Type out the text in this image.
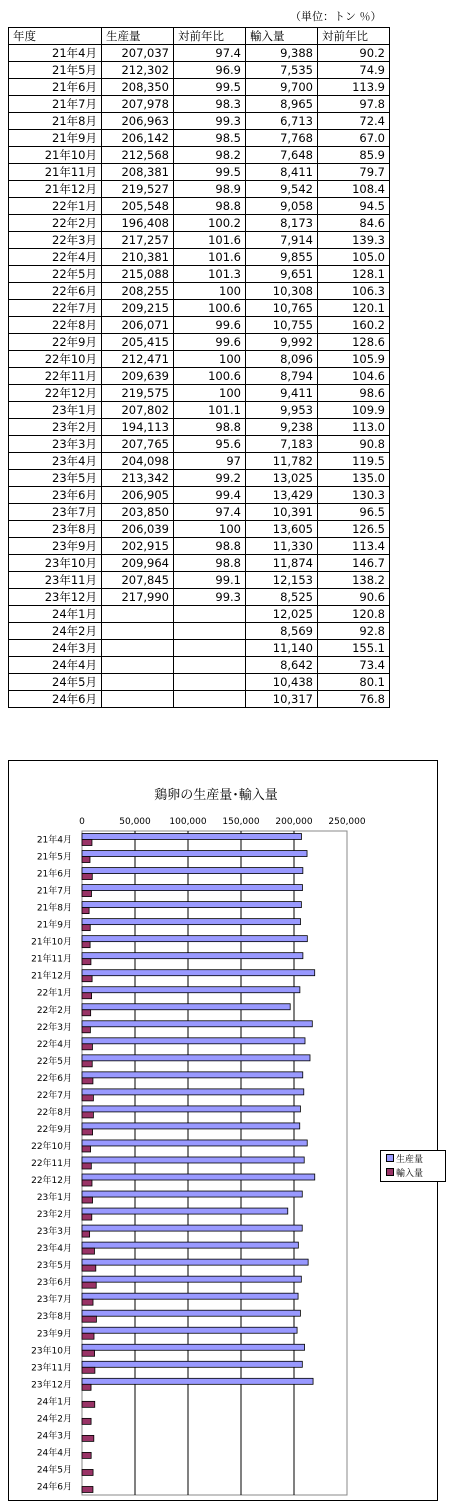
（単位：トン ％）
年度	生産量	対前年比	輸入量	対前年比
21年4月	207,037	97.4	9,388	90.2
21年5月	212,302	96.9	7,535	74.9
21年6月	208,350	99.5	9,700	113.9
21年7月	207,978	98.3	8,965	97.8
21年8月	206,963	99.3	6,713	72.4
21年9月	206,142	98.5	7,768	67.0
21年10月	212,568	98.2	7,648	85.9
21年11月	208,381	99.5	8,411	79.7
21年12月	219,527	98.9	9,542	108.4
22年1月	205,548	98.8	9,058	94.5
22年2月	196,408	100.2	8,173	84.6
22年3月	217,257	101.6	7,914	139.3
22年4月	210,381	101.6	9,855	105.0
22年5月	215,088	101.3	9,651	128.1
22年6月	208,255	100	10,308	106.3
22年7月	209,215	100.6	10,765	120.1
22年8月	206,071	99.6	10,755	160.2
22年9月	205,415	99.6	9,992	128.6
22年10月	212,471	100	8,096	105.9
22年11月	209,639	100.6	8,794	104.6
22年12月	219,575	100	9,411	98.6
23年1月	207,802	101.1	9,953	109.9
23年2月	194,113	98.8	9,238	113.0
23年3月	207,765	95.6	7,183	90.8
23年4月	204,098	97	11,782	119.5
23年5月	213,342	99.2	13,025	135.0
23年6月	206,905	99.4	13,429	130.3
23年7月	203,850	97.4	10,391	96.5
23年8月	206,039	100	13,605	126.5
23年9月	202,915	98.8	11,330	113.4
23年10月	209,964	98.8	11,874	146.7
23年11月	207,845	99.1	12,153	138.2
23年12月	217,990	99.3	8,525	90.6
24年1月			12,025	120.8
24年2月			8,569	92.8
24年3月			11,140	155.1
24年4月			8,642	73.4
24年5月			10,438	80.1
24年6月			10,317	76.8
鶏卵の生産量･輸入量
0	50,000 100,000 150,000 200,000 250,000
21年4月
21年5月
21年6月
21年7月
21年8月
21年9月
21年10月
21年11月
21年12月
22年1月
22年2月
22年3月
22年4月
22年5月
22年6月
22年7月
22年8月
22年9月
22年10月
22年11月
22年12月
23年1月
23年2月
23年3月
23年4月
23年5月
23年6月
23年7月
23年8月
23年9月
23年10月
23年11月
23年12月
24年1月
24年2月
24年3月
24年4月
24年5月
24年6月
生産量
輸入量
